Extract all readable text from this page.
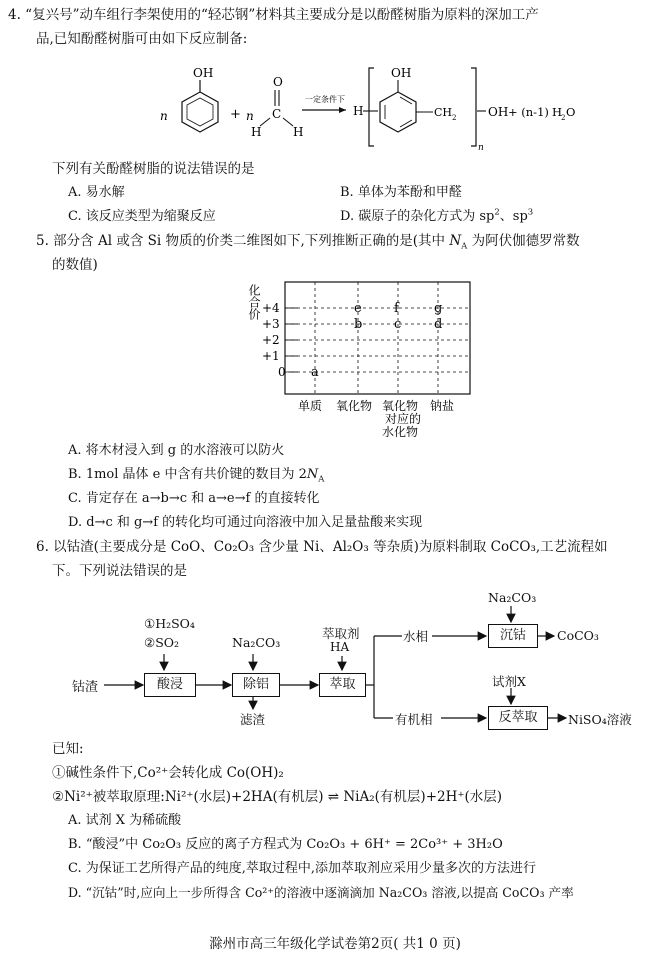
4. “复兴号”动车组行李架使用的“轻芯钢”材料其主要成分是以酚醛树脂为原料的深加工产
品,已知酚醛树脂可由如下反应制备:
n
OH
+ n
O
C
H	H
一定条件下
H
n
OH
CH 2	OH + (n-1) H
2 O
下列有关酚醛树脂的说法错误的是
A. 易水解	B. 单体为苯酚和甲醛
C. 该反应类型为缩聚反应	D. 碳原子的杂化方式为 $sp^2$、$sp^3$
5. 部分含 Al 或含 Si 物质的价类二维图如下,下列推断正确的是(其中 $N_A$ 为阿伏伽德罗常数
的数值)
化合价 +4
+3
+2
+1
0 a
b
e
c
f
d
g
单质 氧化物 氧化物
对应的
水化物
钠盐
A. 将木材浸入到 g 的水溶液可以防火
B. 1mol 晶体 e 中含有共价键的数目为 $2N_A$
C. 肯定存在 a→b→c 和 a→e→f 的直接转化
D. d→c 和 g→f 的转化均可通过向溶液中加入足量盐酸来实现
6. 以钴渣(主要成分是 CoO、Co₂O₃ 含少量 Ni、Al₂O₃ 等杂质)为原料制取 CoCO₃,工艺流程如
下。下列说法错误的是
①H₂SO₄
②SO₂	Na₂CO₃
萃取剂
HA
Na₂CO₃
水相
有机相
试剂X
钴渣	酸浸	除铝	萃取
沉钴
反萃取
滤渣
CoCO₃
NiSO₄溶液
已知:
①碱性条件下,Co²⁺会转化成 Co(OH)₂
②Ni²⁺被萃取原理:Ni²⁺(水层)+2HA(有机层) ⇌ NiA₂(有机层)+2H⁺(水层)
A. 试剂 X 为稀硫酸
B. “酸浸”中 Co₂O₃ 反应的离子方程式为 Co₂O₃ + 6H⁺ = 2Co³⁺ + 3H₂O
C. 为保证工艺所得产品的纯度,萃取过程中,添加萃取剂应采用少量多次的方法进行
D. “沉钴”时,应向上一步所得含 Co²⁺的溶液中逐滴滴加 Na₂CO₃ 溶液,以提高 CoCO₃ 产率
滁州市高三年级化学试卷第2页( 共1 0 页)
